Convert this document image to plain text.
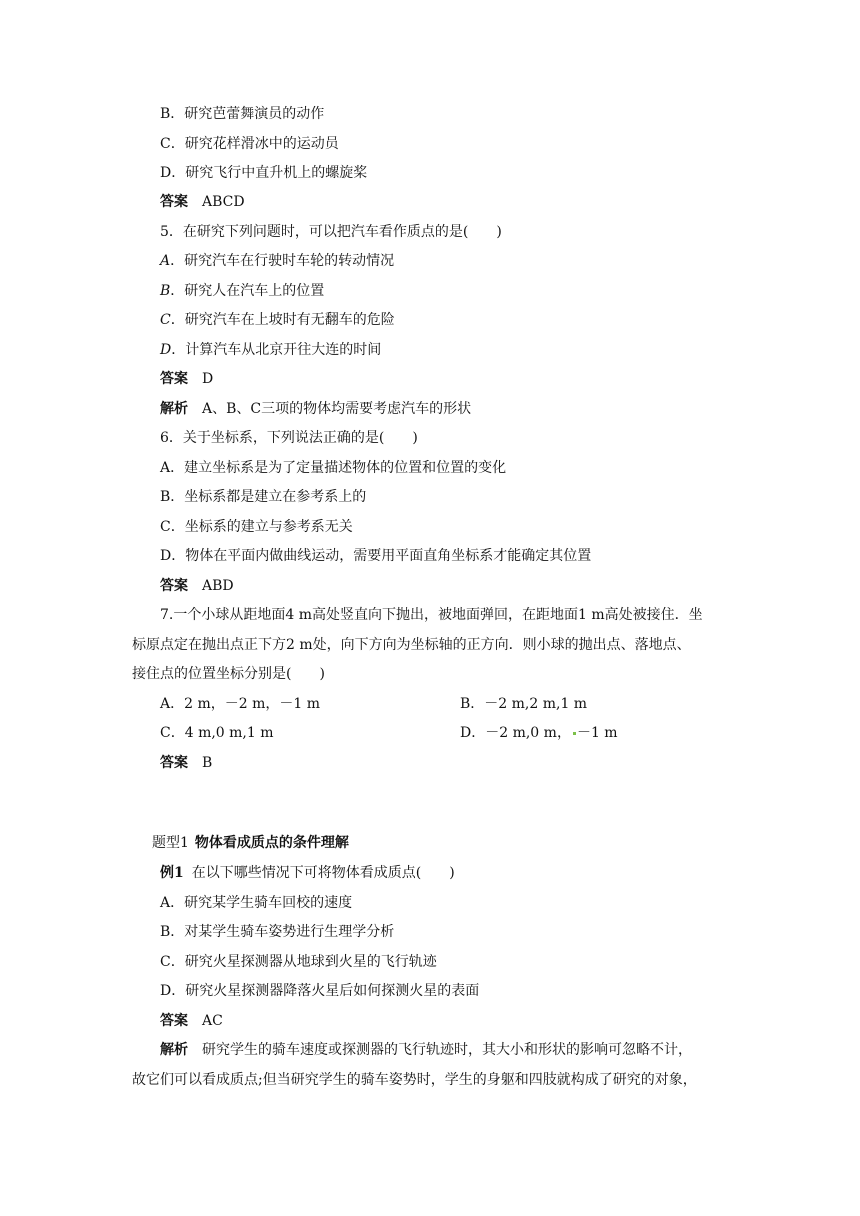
B．研究芭蕾舞演员的动作
C．研究花样滑冰中的运动员
D．研究飞行中直升机上的螺旋桨
答案 ABCD
5．在研究下列问题时，可以把汽车看作质点的是(　　)
A．研究汽车在行驶时车轮的转动情况
B．研究人在汽车上的位置
C．研究汽车在上坡时有无翻车的危险
D．计算汽车从北京开往大连的时间
答案 D
解析 A、B、C三项的物体均需要考虑汽车的形状
6．关于坐标系，下列说法正确的是(　　)
A．建立坐标系是为了定量描述物体的位置和位置的变化
B．坐标系都是建立在参考系上的
C．坐标系的建立与参考系无关
D．物体在平面内做曲线运动，需要用平面直角坐标系才能确定其位置
答案 ABD
7.一个小球从距地面4 m高处竖直向下抛出，被地面弹回，在距地面1 m高处被接住．坐
标原点定在抛出点正下方2 m处，向下方向为坐标轴的正方向．则小球的抛出点、落地点、
接住点的位置坐标分别是(　　)
A．2 m，－2 m，－1 m	B．－2 m,2 m,1 m
C．4 m,0 m,1 m	D．－2 m,0 m， －1 m
答案 B
题型1 物体看成质点的条件理解
例1 在以下哪些情况下可将物体看成质点(　　)
A．研究某学生骑车回校的速度
B．对某学生骑车姿势进行生理学分析
C．研究火星探测器从地球到火星的飞行轨迹
D．研究火星探测器降落火星后如何探测火星的表面
答案 AC
解析 研究学生的骑车速度或探测器的飞行轨迹时，其大小和形状的影响可忽略不计，
故它们可以看成质点;但当研究学生的骑车姿势时，学生的身躯和四肢就构成了研究的对象，
